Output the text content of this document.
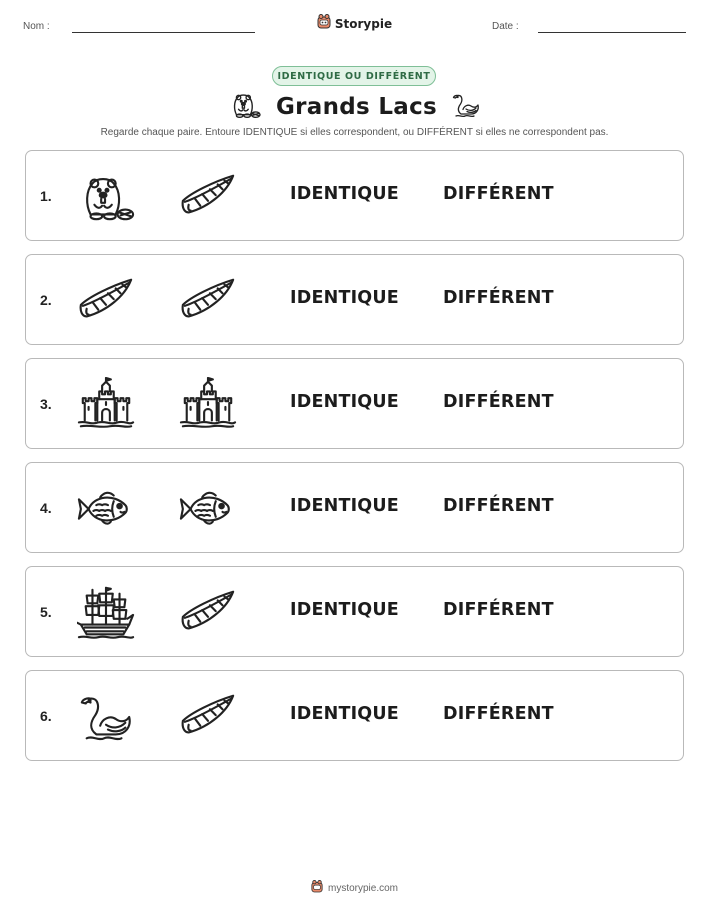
Nom :	Storypie	Date :
IDENTIQUE OU DIFFÉRENT
Grands Lacs
Regarde chaque paire. Entoure IDENTIQUE si elles correspondent, ou DIFFÉRENT si elles ne correspondent pas.
1.	IDENTIQUE	DIFFÉRENT
2.	IDENTIQUE	DIFFÉRENT
3.	IDENTIQUE	DIFFÉRENT
4.	IDENTIQUE	DIFFÉRENT
5.	IDENTIQUE	DIFFÉRENT
6.	IDENTIQUE	DIFFÉRENT
mystorypie.com
